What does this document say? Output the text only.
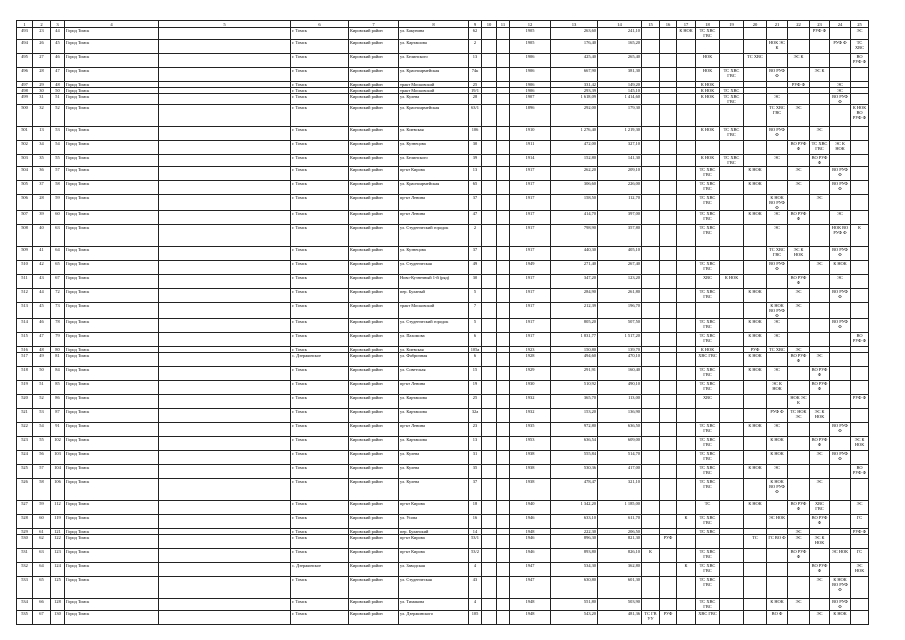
1	2	3	4	5	6	7	8	9	10	11	12	13	14	15	16	17	18	19	20	21	22	23	24	25
493	23	44	Город Томск		г. Томск	Кировский район	ул. Бакунина	62			1905	263,60	241,10			К НОК	ТС ХВС ГВС					РУФ Ф		ЭС
494	26	45	Город Томск		г. Томск	Кировский район	ул. Карташова	2			1905	176,40	165,20							НОК ЭС К			РУФ Ф	ТС ХВС
495	27	46	Город Томск		г. Томск	Кировский район	ул. Белинского	13			1906	425,40	265,40				НОК		ТС ХВС		ЭС К			ВО РУФ Ф
496	28	47	Город Томск		г. Томск	Кировский район	ул. Красноармейская	74к			1906	667,90	381,30				НОК	ТС ХВС ГВС		ВО РУФ Ф		ЭС К		
497	29	48	Город Томск		г. Томск	Кировский район	тракт Московский	25			1906	331,42	149,20				К НОК				РУФ Ф		ЭС	
498	30	50	Город Томск		г. Томск	Кировский район	тракт Московский	19/1			1906	293,39	145,10				К НОК	ТС ХВС					ЭС	
499	31	51	Город Томск		г. Томск	Кировский район	ул. Кулева	28			1907	1 618,09	1 414,60				К НОК	ТС ХВС ГВС		ЭС			ВО РУФ Ф	
500	32	52	Город Томск		г. Томск	Кировский район	ул. Красноармейская	63/1			1896	292,00	179,30							ТС ХВС ГВС	ЭС			К НОК ВО РУФ Ф
501	13	53	Город Томск		г. Томск	Кировский район	ул. Киевская	106			1910	1 276,40	1 219,30				К НОК	ТС ХВС ГВС		ВО РУФ Ф		ЭС		
502	34	54	Город Томск		г. Томск	Кировский район	ул. Кузнецова	30			1911	472,00	327,10								ВО РУФ Ф	ТС ХВС ГВС	ЭС К НОК	
503	35	55	Город Томск		г. Томск	Кировский район	ул. Белинского	39			1914	152,80	141,30				К НОК	ТС ХВС ГВС		ЭС		ВО РУФ Ф		
504	36	57	Город Томск		г. Томск	Кировский район	пр-кт Кирова	13			1917	262,20	209,10				ТС ХВС ГВС		К НОК		ЭС		ВО РУФ Ф	
505	37	58	Город Томск		г. Томск	Кировский район	ул. Красноармейская	65			1917	306,60	226,00				ТС ХВС ГВС		К НОК		ЭС		ВО РУФ Ф	
506	28	59	Город Томск		г. Томск	Кировский район	пр-кт Ленина	37			1917	158,50	112,70				ТС ХВС ГВС			К НОК ВО РУФ Ф		ЭС		
507	39	60	Город Томск		г. Томск	Кировский район	пр-кт Ленина	47			1917	414,70	397,00				ТС ХВС ГВС		К НОК	ЭС	ВО РУФ Ф		ЭС	
508	40	63	Город Томск		г. Томск	Кировский район	ул. Студенческий городок	2			1917	798,90	357,80				ТС ХВС ГВС			ЭС			НОК ВО РУФ Ф	К
509	41	64	Город Томск		г. Томск	Кировский район	ул. Кузнецова	37			1917	440,30	405,10							ТС ХВС ГВС	ЭС К НОК		ВО РУФ Ф	
510	42	65	Город Томск		г. Томск	Кировский район	ул. Студенческая	49			1949	271,40	267,40				ТС ХВС ГВС			ВО РУФ Ф		ЭС	К НОК	
511	43	67	Город Томск		г. Томск	Кировский район	Ново-Кузнечный 1-й (ряд)	30			1917	347,20	123,20				ХВС	К НОК			ВО РУФ Ф		ЭС	
512	44	72	Город Томск		г. Томск	Кировский район	пер. Буланый	5			1917	284,90	261,80				ТС ХВС ГВС		К НОК		ЭС		ВО РУФ Ф	
513	45	73	Город Томск		г. Томск	Кировский район	тракт Московский	7			1917	212,39	196,70							К НОК ВО РУФ Ф	ЭС			
514	46	78	Город Томск		г. Томск	Кировский район	ул. Студенческий городок	5			1917	805,20	507,50				ТС ХВС ГВС		К НОК	ЭС			ВО РУФ Ф	
515	47	79	Город Томск		г. Томск	Кировский район	ул. Пахомова	6			1917	1 831,77	1 517,20				ТС ХВС ГВС		К НОК	ЭС				ВО РУФ Ф
516	48	80	Город Томск		г. Томск	Кировский район	ул. Киевская	105а			1923	150,80	139,70				К НОК		РУФ	ТС ХВС	ЭС			
517	49	81	Город Томск		с. Дзержинское	Кировский район	ул. Фабричная	6			1928	494,60	470,10				ХВС ГВС		К НОК		ВО РУФ Ф	ЭС		
518	50	84	Город Томск		г. Томск	Кировский район	ул. Советская	15			1929	291,91	160,40				ТС ХВС ГВС		К НОК	ЭС		ВО РУФ Ф		
519	51	85	Город Томск		г. Томск	Кировский район	пр-кт Ленина	19			1930	510,92	490,10				ТС ХВС ГВС			ЭС К НОК		ВО РУФ Ф		
520	52	86	Город Томск		г. Томск	Кировский район	ул. Карташова	25			1932	365,70	113,00				ХВС				НОК ЭС К			РУФ Ф
521	53	87	Город Томск		г. Томск	Кировский район	ул. Карташова	32а			1932	153,20	136,90							РУФ Ф	ТС НОК ЭС	ЭС К НОК		
522	54	91	Город Томск		г. Томск	Кировский район	пр-кт Ленина	23			1935	972,80	636,50				ТС ХВС ГВС		К НОК	ЭС			ВО РУФ Ф	
523	55	102	Город Томск		г. Томск	Кировский район	ул. Карташова	13			1953	636,54	609,00				ТС ХВС ГВС			К НОК		ВО РУФ Ф		ЭС К НОК
524	56	103	Город Томск		г. Томск	Кировский район	ул. Кулева	31			1938	555,84	514,70				ТС ХВС ГВС			К НОК		ЭС	ВО РУФ Ф	
525	57	104	Город Томск		г. Томск	Кировский район	ул. Кулева	35			1938	530,36	417,00				ТС ХВС ГВС		К НОК	ЭС				ВО РУФ Ф
526	58	106	Город Томск		г. Томск	Кировский район	ул. Кулева	37			1938	478,47	321,10				ТС ХВС ГВС			К НОК ВО РУФ Ф		ЭС		
527	59	112	Город Томск		г. Томск	Кировский район	пр-кт Кирова	18			1940	1 342,20	1 185,00				ТС		К НОК		ВО РУФ Ф	ХВС ГВС		ЭС
528	60	119	Город Томск		г. Томск	Кировский район	ул. Усова	16			1946	633,10	611,70			К	ТС ХВС ГВС			ЭС НОК		ВО РУФ Ф		ГС
529	61	121	Город Томск		г. Томск	Кировский район	пер. Буланский	14			1948	222,30	206,50				ТС ХВС				ЭС			РУФ Ф
530	62	122	Город Томск		г. Томск	Кировский район	пр-кт Кирова	53/1			1946	896,30	821,30		РУФ				ТС	ГС ВО Ф	ЭС	ЭС К НОК		
531	63	123	Город Томск		г. Томск	Кировский район	пр-кт Кирова	53/2			1946	893,80	826,10	К			ТС ХВС ГВС				ВО РУФ Ф		ЭС НОК	ГС
532	64	124	Город Томск		с. Дзержинское	Кировский район	ул. Заводская	4			1947	534,30	362,80			К	ТС ХВС ГВС					ВО РУФ Ф		ЭС НОК
533	65	125	Город Томск		г. Томск	Кировский район	ул. Студенческая	43			1947	630,80	601,30				ТС ХВС ГВС					ЭС	К НОК ВО РУФ Ф	
534	66	128	Город Томск		г. Томск	Кировский район	ул. Тимакова	4			1948	551,80	503,90				ТС ХВС ГВС			К НОК	ЭС		ВО РУФ Ф	
535	67	130	Город Томск		г. Томск	Кировский район	ул. Дзержинского	105			1948	543,20	481,36	ТС ГВ УУ	РУФ		ХВС ГВС			ВО Ф		ЭС	К НОК	
